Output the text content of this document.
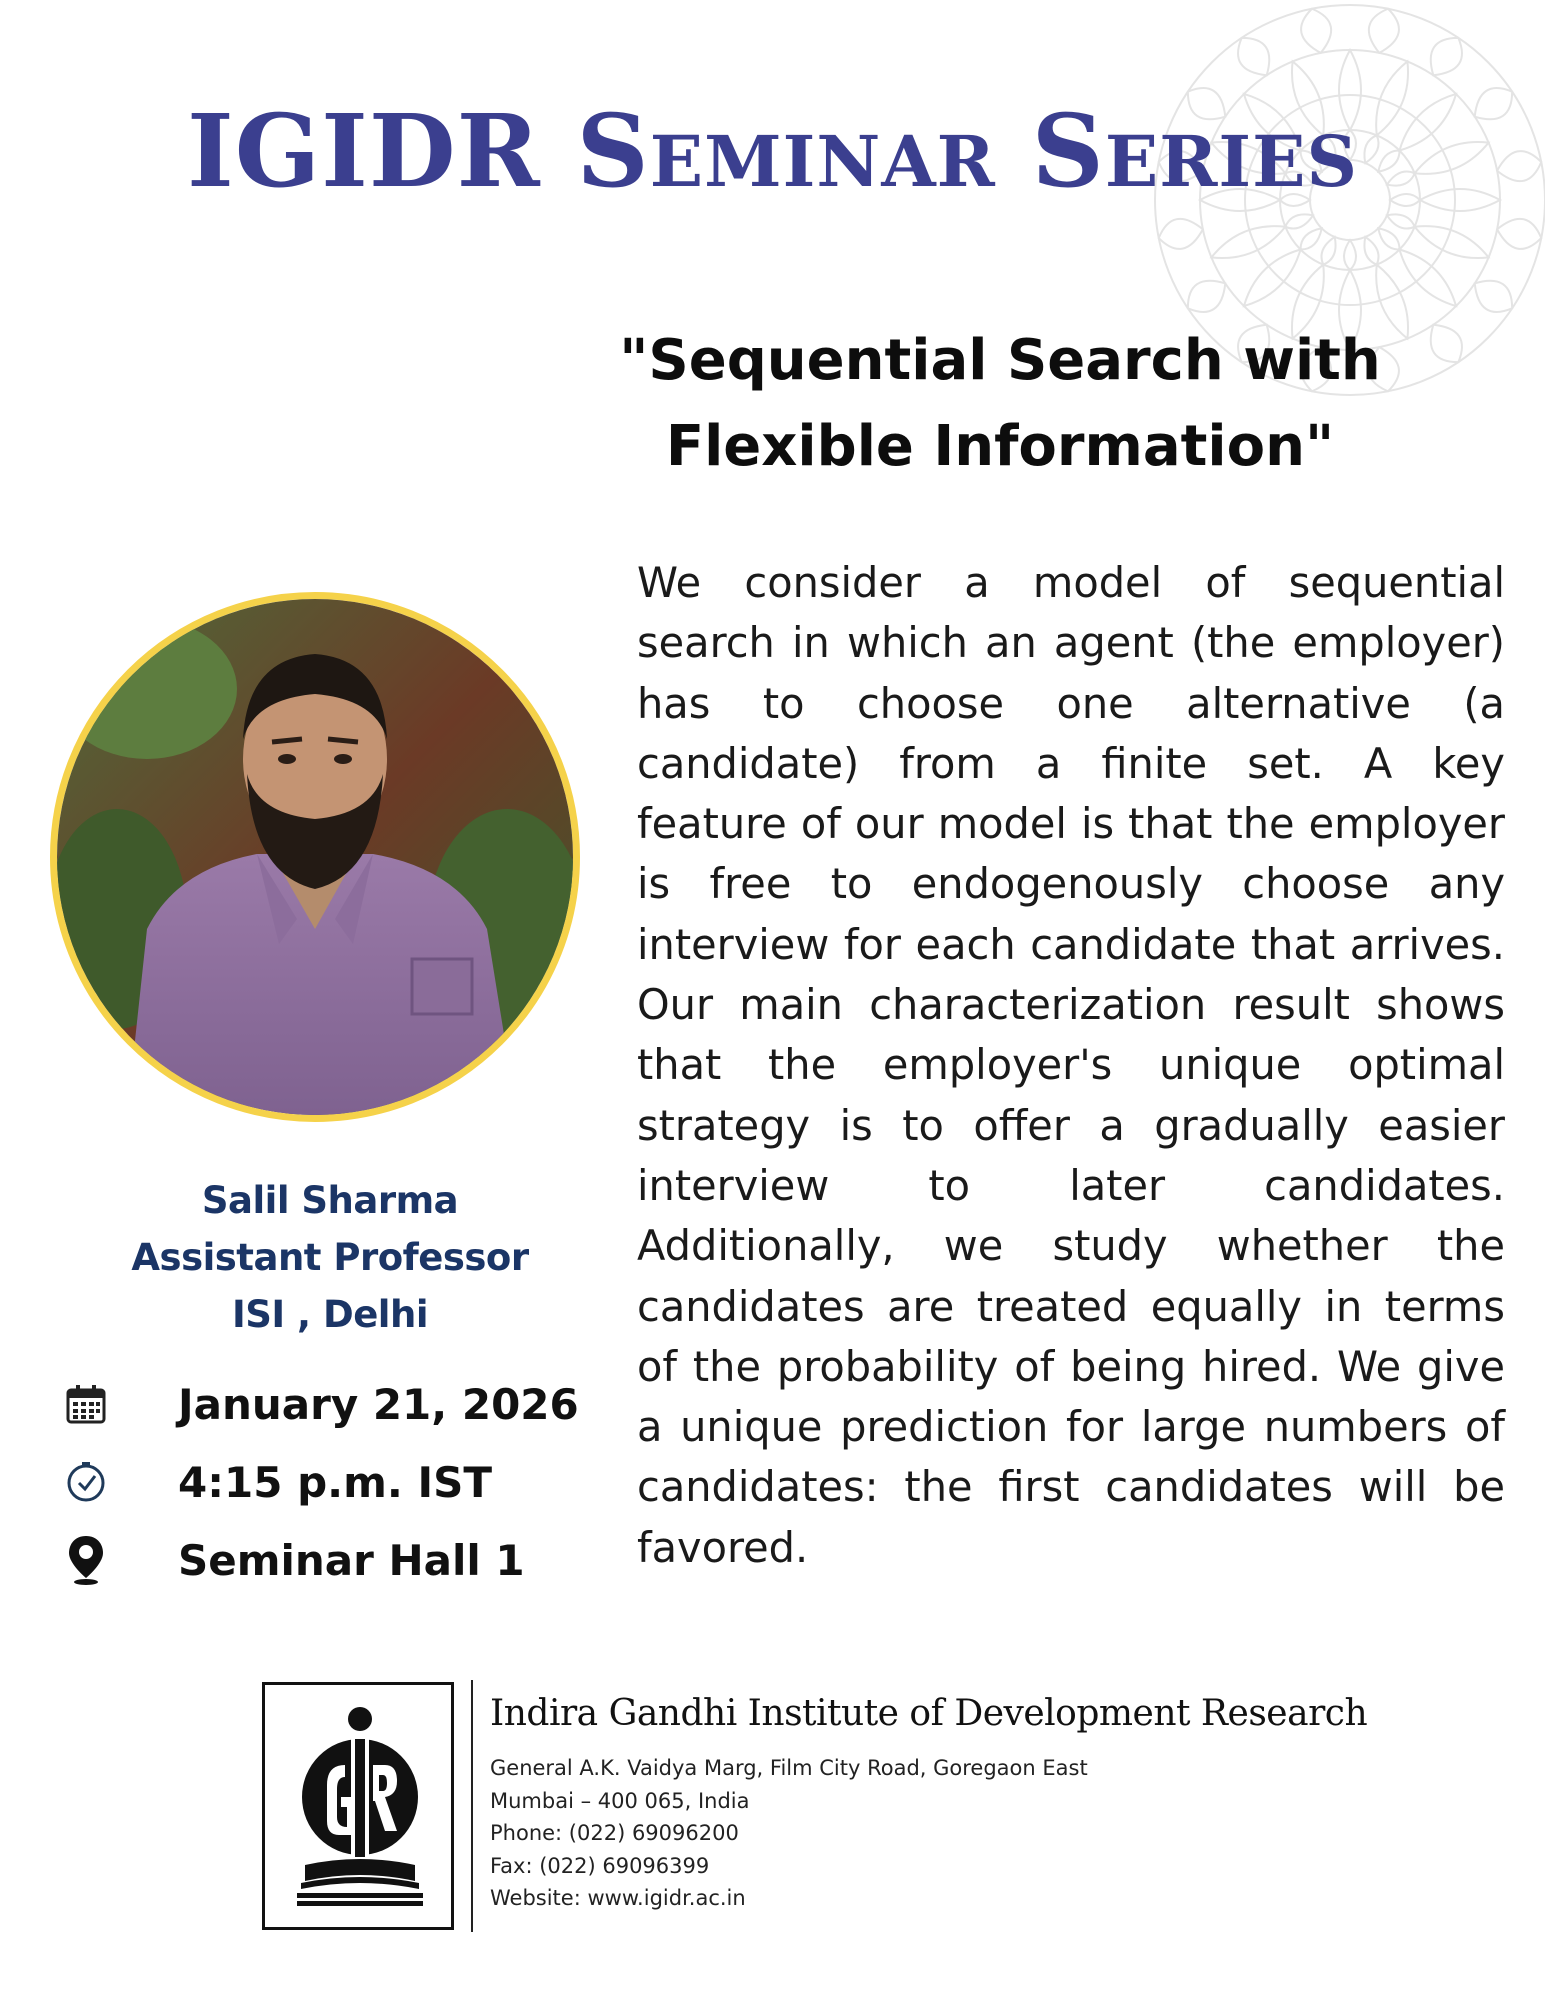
IGIDR Seminar Series
"Sequential Search with
Flexible Information"
We consider a model of sequential search in which an agent (the employer) has to choose one alternative (a candidate) from a finite set. A key feature of our model is that the employer is free to endogenously choose any interview for each candidate that arrives. Our main characterization result shows that the employer's unique optimal strategy is to offer a gradually easier interview to later candidates. Additionally, we study whether the candidates are treated equally in terms of the probability of being hired. We give a unique prediction for large numbers of candidates: the first candidates will be favored.
Salil Sharma
Assistant Professor
ISI , Delhi
January 21, 2026
4:15 p.m. IST
Seminar Hall 1
Indira Gandhi Institute of Development Research
General A.K. Vaidya Marg, Film City Road, Goregaon East
Mumbai – 400 065, India
Phone: (022) 69096200
Fax: (022) 69096399
Website: www.igidr.ac.in
